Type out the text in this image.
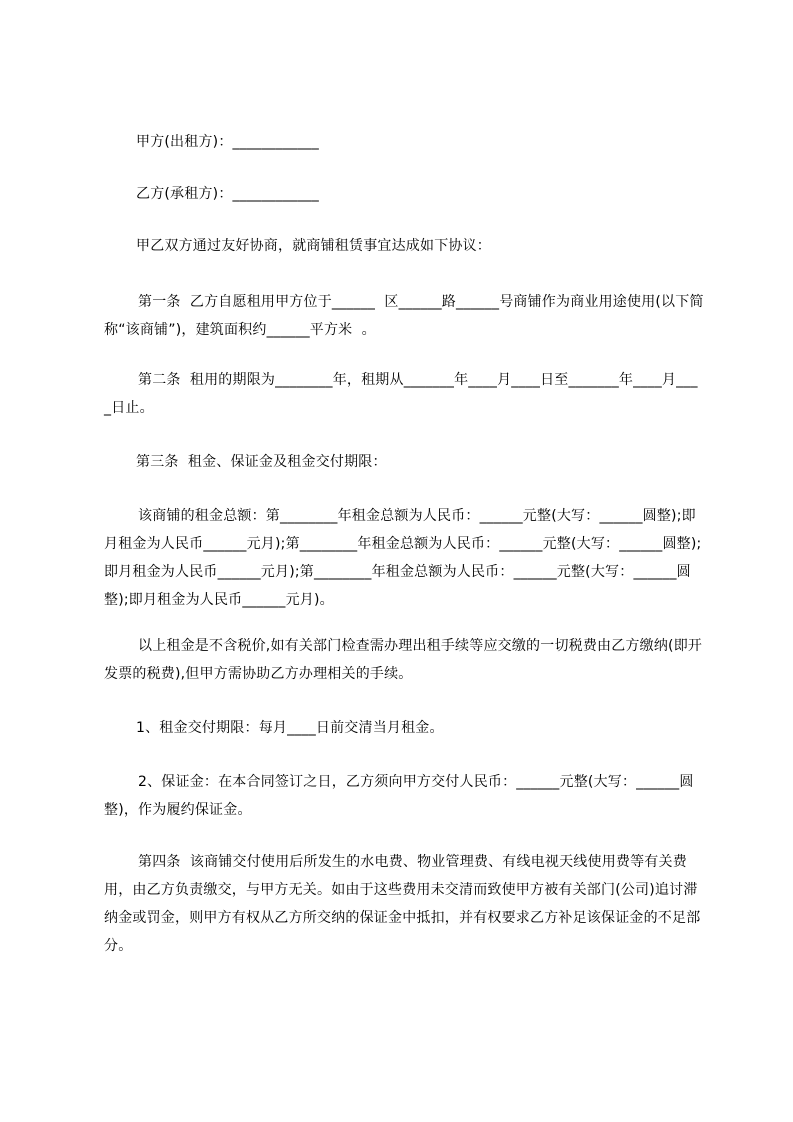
甲方(出租方)：____________

乙方(承租方)：____________

甲乙双方通过友好协商，就商铺租赁事宜达成如下协议：

第一条  乙方自愿租用甲方位于______  区______路______号商铺作为商业用途使用(以下简称“该商铺”)，建筑面积约______平方米  。

第二条  租用的期限为________年，租期从_______年____月____日至_______年____月____日止。

第三条  租金、保证金及租金交付期限：

该商铺的租金总额：第________年租金总额为人民币：______元整(大写：______圆整);即月租金为人民币______元月);第________年租金总额为人民币：______元整(大写：______圆整);即月租金为人民币______元月);第________年租金总额为人民币：______元整(大写：______圆整);即月租金为人民币______元月)。

以上租金是不含税价,如有关部门检查需办理出租手续等应交缴的一切税费由乙方缴纳(即开发票的税费),但甲方需协助乙方办理相关的手续。

1、租金交付期限：每月____日前交清当月租金。

2、保证金：在本合同签订之日，乙方须向甲方交付人民币：______元整(大写：______圆整)，作为履约保证金。

第四条  该商铺交付使用后所发生的水电费、物业管理费、有线电视天线使用费等有关费用，由乙方负责缴交，与甲方无关。如由于这些费用未交清而致使甲方被有关部门(公司)追讨滞纳金或罚金，则甲方有权从乙方所交纳的保证金中抵扣，并有权要求乙方补足该保证金的不足部分。
